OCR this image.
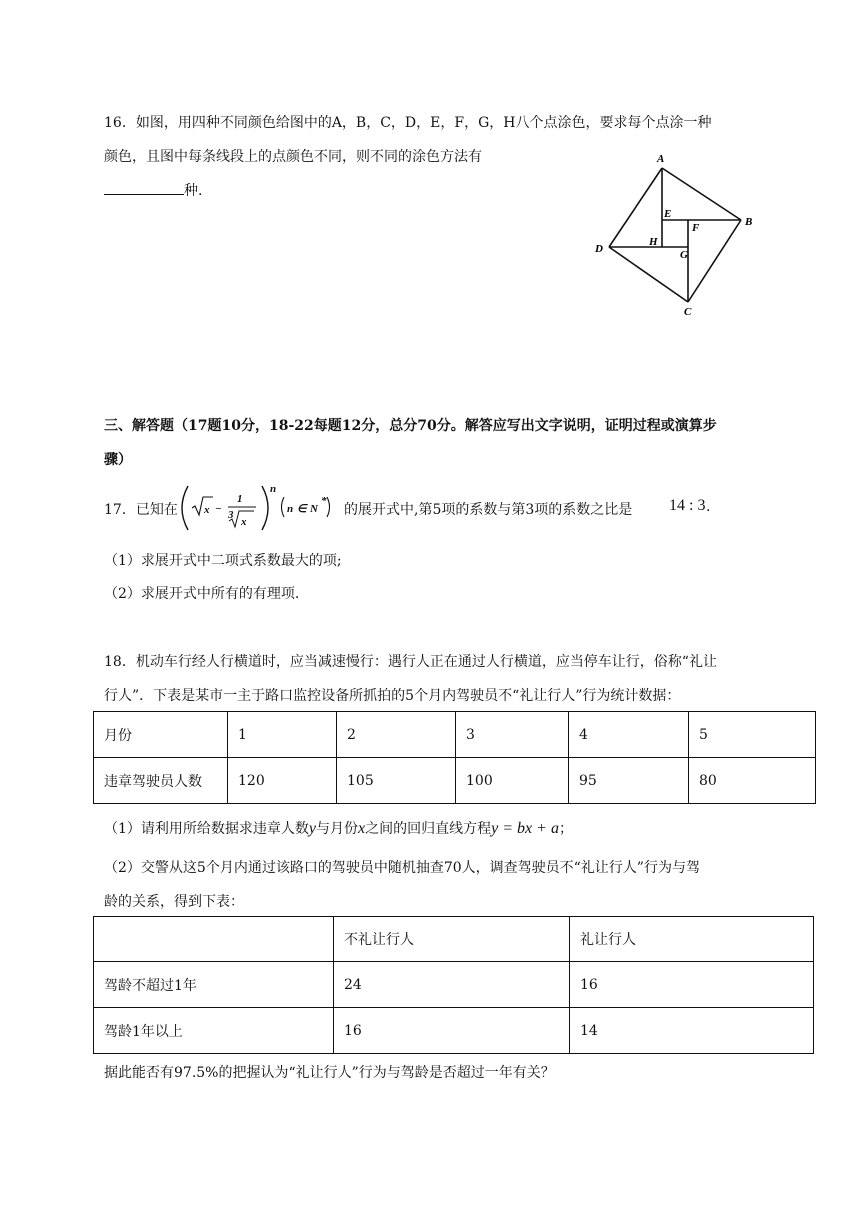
16．如图，用四种不同颜色给图中的A，B，C，D，E，F，G，H八个点涂色，要求每个点涂一种
颜色，且图中每条线段上的点颜色不同，则不同的涂色方法有
种.
A
B
C
D
E
F
G
H
三、解答题（17题10分，18-22每题12分，总分70分。解答应写出文字说明，证明过程或演算步
骤）
17．已知在 x −
1
3
x
n
n ∈ N
*
的展开式中,第5项的系数与第3项的系数之比是 14 : 3 .
（1）求展开式中二项式系数最大的项;
（2）求展开式中所有的有理项.
18．机动车行经人行横道时，应当减速慢行：遇行人正在通过人行横道，应当停车让行，俗称“礼让
行人”．下表是某市一主于路口监控设备所抓拍的5个月内驾驶员不“礼让行人”行为统计数据：
月份	1	2	3	4	5
违章驾驶员人数	120	105	100	95	80
（1）请利用所给数据求违章人数y与月份x之间的回归直线方程y = bx + a；
（2）交警从这5个月内通过该路口的驾驶员中随机抽查70人，调查驾驶员不“礼让行人”行为与驾
龄的关系，得到下表：
	不礼让行人	礼让行人
驾龄不超过1年	24	16
驾龄1年以上	16	14
据此能否有97.5%的把握认为“礼让行人”行为与驾龄是否超过一年有关？
